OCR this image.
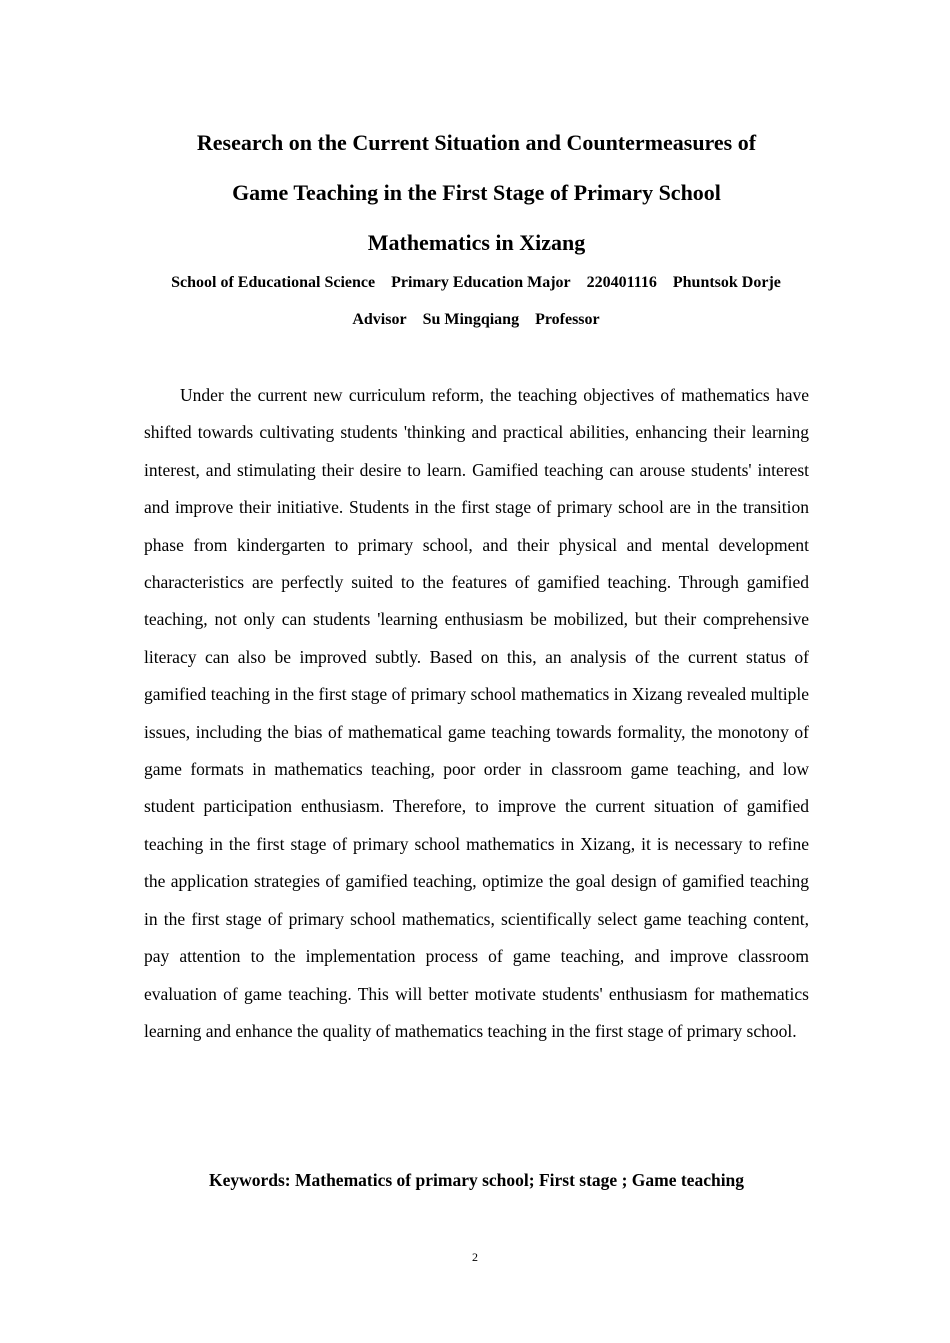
Research on the Current Situation and Countermeasures of
Game Teaching in the First Stage of Primary School
Mathematics in Xizang

School of Educational Science Primary Education Major 220401116 Phuntsok Dorje

Advisor Su Mingqiang Professor

Under the current new curriculum reform, the teaching objectives of mathematics have shifted towards cultivating students 'thinking and practical abilities, enhancing their learning interest, and stimulating their desire to learn. Gamified teaching can arouse students' interest and improve their initiative. Students in the first stage of primary school are in the transition phase from kindergarten to primary school, and their physical and mental development characteristics are perfectly suited to the features of gamified teaching. Through gamified teaching, not only can students 'learning enthusiasm be mobilized, but their comprehensive literacy can also be improved subtly. Based on this, an analysis of the current status of gamified teaching in the first stage of primary school mathematics in Xizang revealed multiple issues, including the bias of mathematical game teaching towards formality, the monotony of game formats in mathematics teaching, poor order in classroom game teaching, and low student participation enthusiasm. Therefore, to improve the current situation of gamified teaching in the first stage of primary school mathematics in Xizang, it is necessary to refine the application strategies of gamified teaching, optimize the goal design of gamified teaching in the first stage of primary school mathematics, scientifically select game teaching content, pay attention to the implementation process of game teaching, and improve classroom evaluation of game teaching. This will better motivate students' enthusiasm for mathematics learning and enhance the quality of mathematics teaching in the first stage of primary school.

Keywords: Mathematics of primary school; First stage ; Game teaching

2
